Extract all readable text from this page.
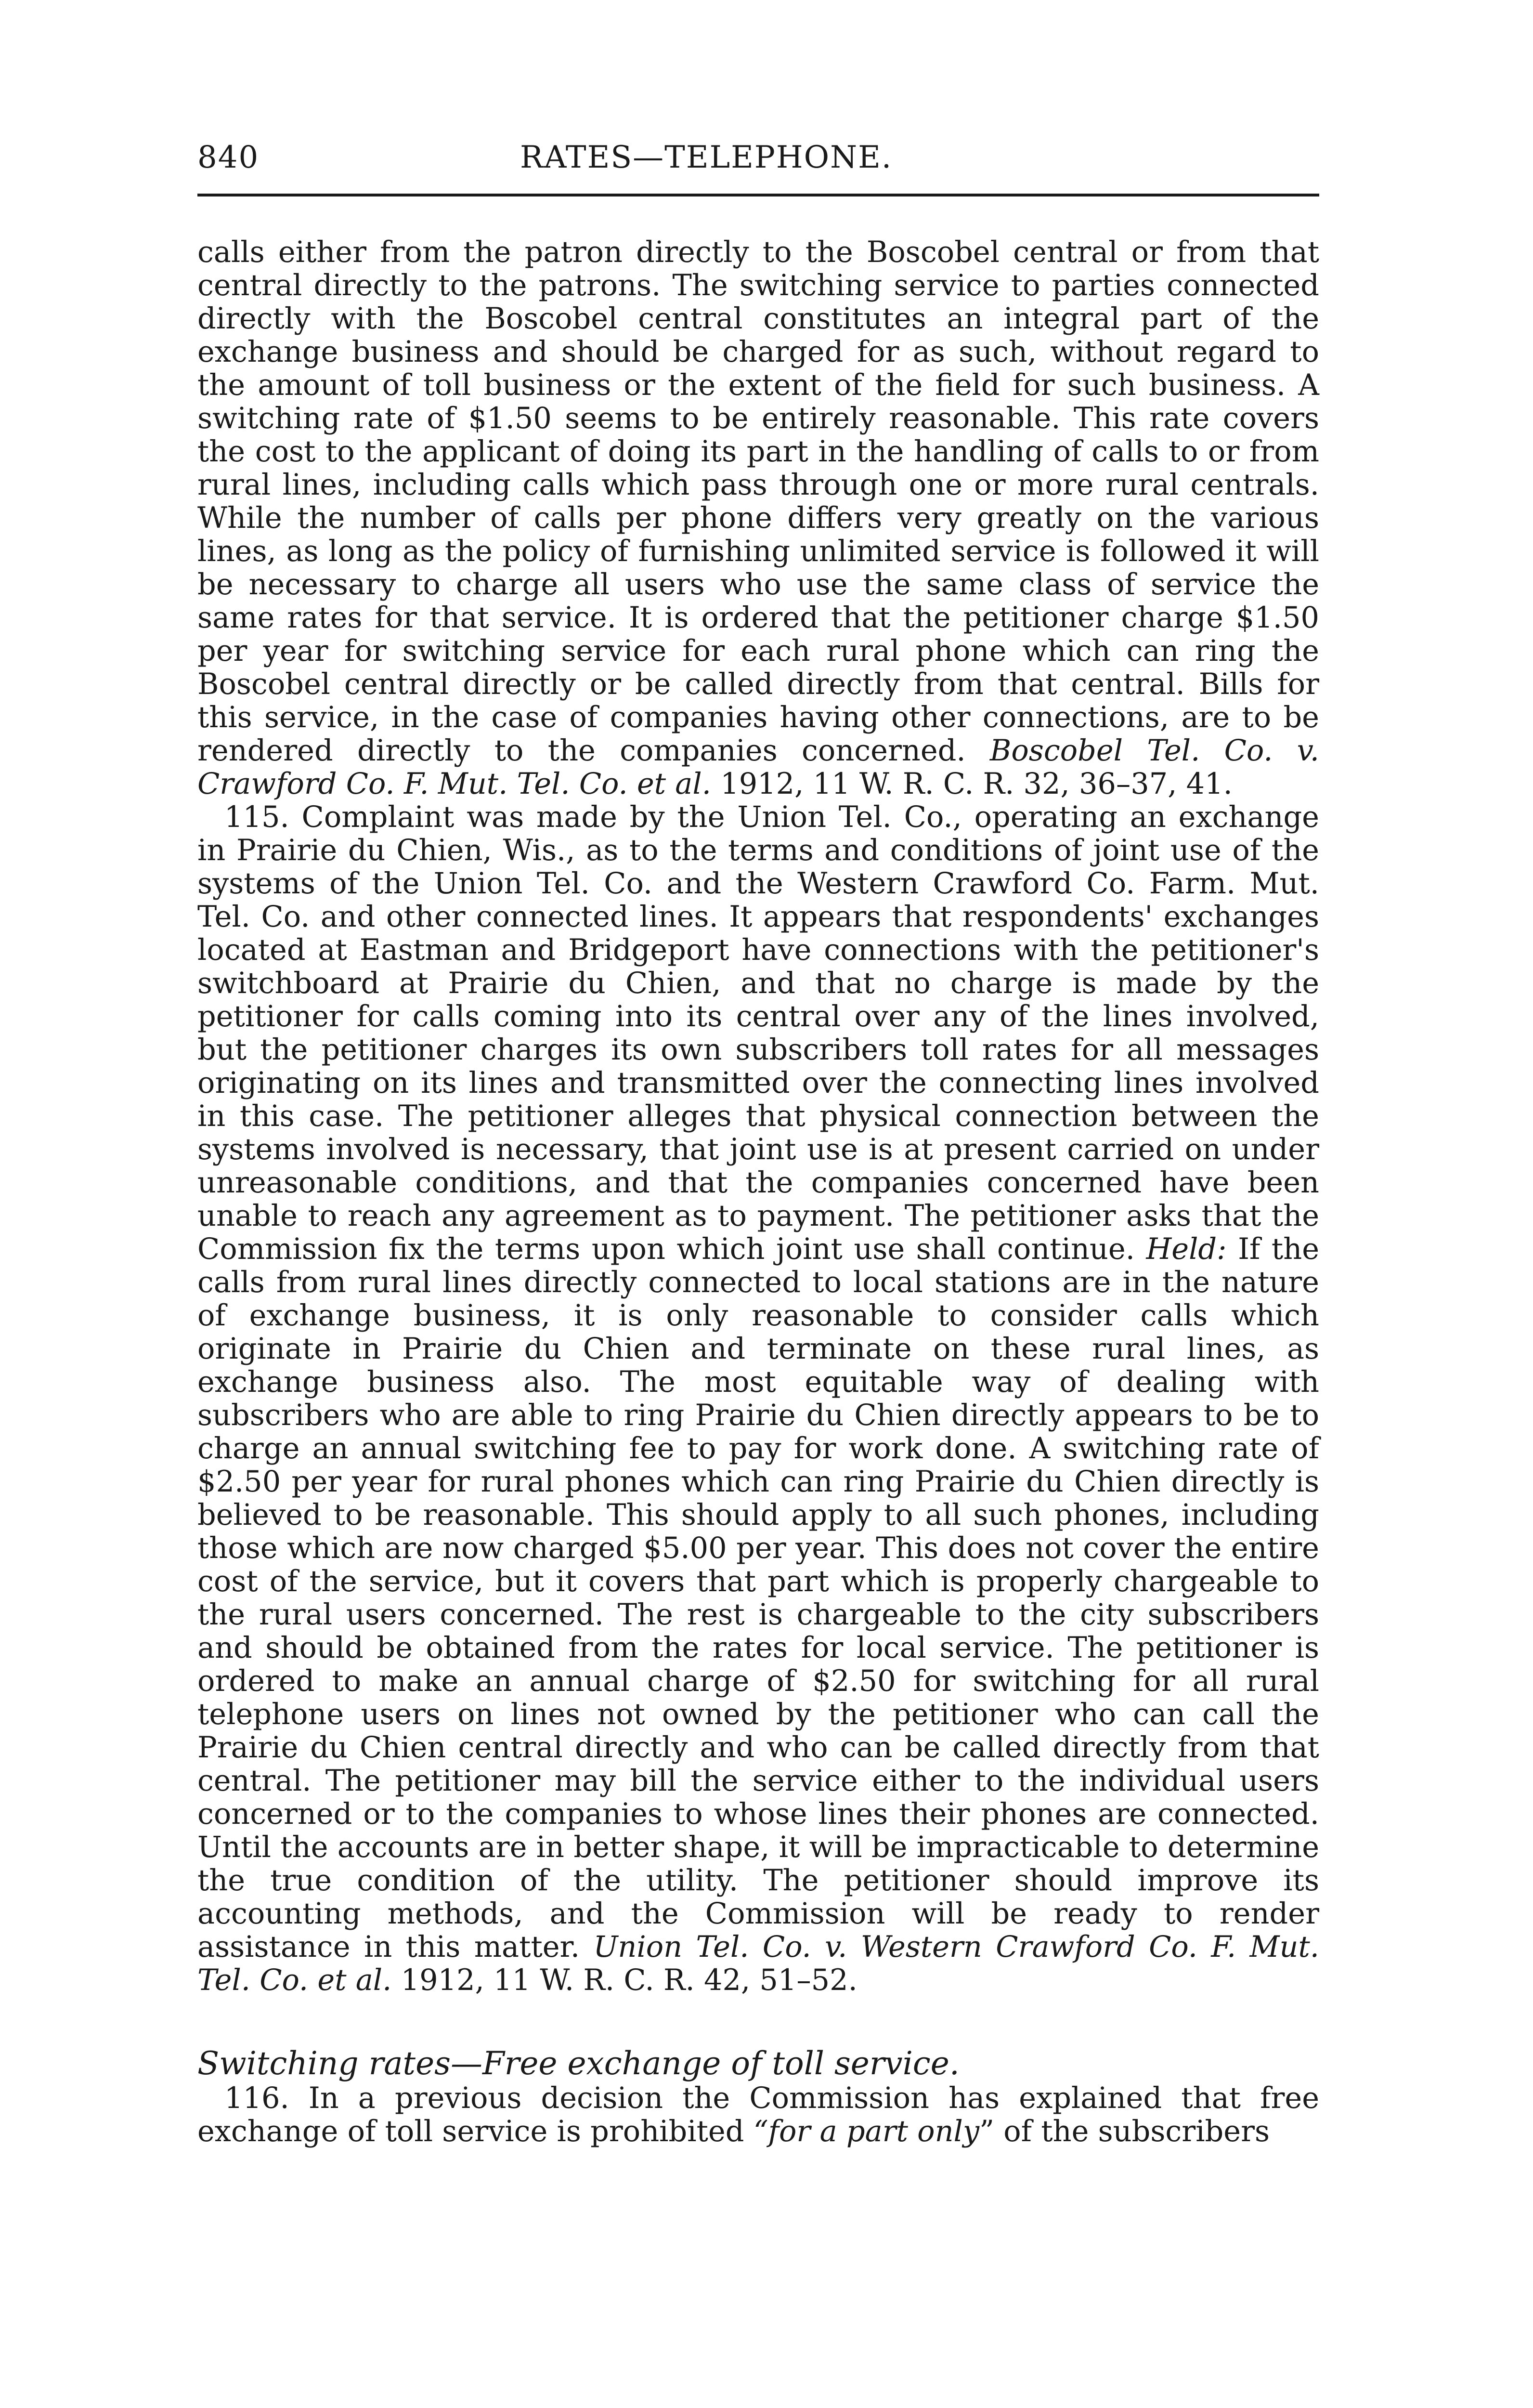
840	RATES—TELEPHONE.

calls either from the patron directly to the Boscobel central or from that central directly to the patrons. The switching service to parties connected directly with the Boscobel central constitutes an integral part of the exchange business and should be charged for as such, without regard to the amount of toll business or the extent of the field for such business. A switching rate of $1.50 seems to be entirely reasonable. This rate covers the cost to the applicant of doing its part in the handling of calls to or from rural lines, including calls which pass through one or more rural centrals. While the number of calls per phone differs very greatly on the various lines, as long as the policy of furnishing unlimited service is followed it will be necessary to charge all users who use the same class of service the same rates for that service. It is ordered that the petitioner charge $1.50 per year for switching service for each rural phone which can ring the Boscobel central directly or be called directly from that central. Bills for this service, in the case of companies having other connections, are to be rendered directly to the companies concerned. Boscobel Tel. Co. v. Crawford Co. F. Mut. Tel. Co. et al. 1912, 11 W. R. C. R. 32, 36–37, 41.

115. Complaint was made by the Union Tel. Co., operating an exchange in Prairie du Chien, Wis., as to the terms and conditions of joint use of the systems of the Union Tel. Co. and the Western Crawford Co. Farm. Mut. Tel. Co. and other connected lines. It appears that respondents' exchanges located at Eastman and Bridgeport have connections with the petitioner's switchboard at Prairie du Chien, and that no charge is made by the petitioner for calls coming into its central over any of the lines involved, but the petitioner charges its own subscribers toll rates for all messages originating on its lines and transmitted over the connecting lines involved in this case. The petitioner alleges that physical connection between the systems involved is necessary, that joint use is at present carried on under unreasonable conditions, and that the companies concerned have been unable to reach any agreement as to payment. The petitioner asks that the Commission fix the terms upon which joint use shall continue. Held: If the calls from rural lines directly connected to local stations are in the nature of exchange business, it is only reasonable to consider calls which originate in Prairie du Chien and terminate on these rural lines, as exchange business also. The most equitable way of dealing with subscribers who are able to ring Prairie du Chien directly appears to be to charge an annual switching fee to pay for work done. A switching rate of $2.50 per year for rural phones which can ring Prairie du Chien directly is believed to be reasonable. This should apply to all such phones, including those which are now charged $5.00 per year. This does not cover the entire cost of the service, but it covers that part which is properly chargeable to the rural users concerned. The rest is chargeable to the city subscribers and should be obtained from the rates for local service. The petitioner is ordered to make an annual charge of $2.50 for switching for all rural telephone users on lines not owned by the petitioner who can call the Prairie du Chien central directly and who can be called directly from that central. The petitioner may bill the service either to the individual users concerned or to the companies to whose lines their phones are connected. Until the accounts are in better shape, it will be impracticable to determine the true condition of the utility. The petitioner should improve its accounting methods, and the Commission will be ready to render assistance in this matter. Union Tel. Co. v. Western Crawford Co. F. Mut. Tel. Co. et al. 1912, 11 W. R. C. R. 42, 51–52.

Switching rates—Free exchange of toll service.

116. In a previous decision the Commission has explained that free exchange of toll service is prohibited “for a part only” of the subscribers
